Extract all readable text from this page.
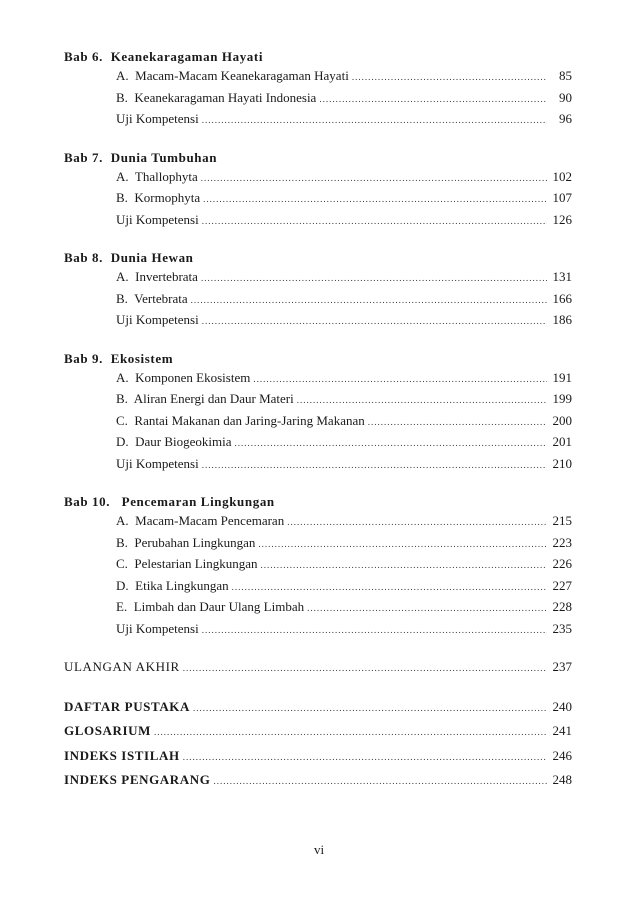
Bab 6.  Keanekaragaman Hayati
A.  Macam-Macam Keanekaragaman Hayati .....	85
B.  Keanekaragaman Hayati Indonesia .....	90
Uji Kompetensi .....	96
Bab 7.  Dunia Tumbuhan
A.  Thallophyta .....	102
B.  Kormophyta .....	107
Uji Kompetensi .....	126
Bab 8.  Dunia Hewan
A.  Invertebrata .....	131
B.  Vertebrata .....	166
Uji Kompetensi .....	186
Bab 9.  Ekosistem
A.  Komponen Ekosistem .....	191
B.  Aliran Energi dan Daur Materi .....	199
C.  Rantai Makanan dan Jaring-Jaring Makanan .....	200
D.  Daur Biogeokimia .....	201
Uji Kompetensi .....	210
Bab 10.   Pencemaran Lingkungan
A.  Macam-Macam Pencemaran .....	215
B.  Perubahan Lingkungan .....	223
C.  Pelestarian Lingkungan .....	226
D.  Etika Lingkungan .....	227
E.  Limbah dan Daur Ulang Limbah .....	228
Uji Kompetensi .....	235
ULANGAN AKHIR .....	237
DAFTAR PUSTAKA .....	240
GLOSARIUM .....	241
INDEKS ISTILAH .....	246
INDEKS PENGARANG .....	248
vi
